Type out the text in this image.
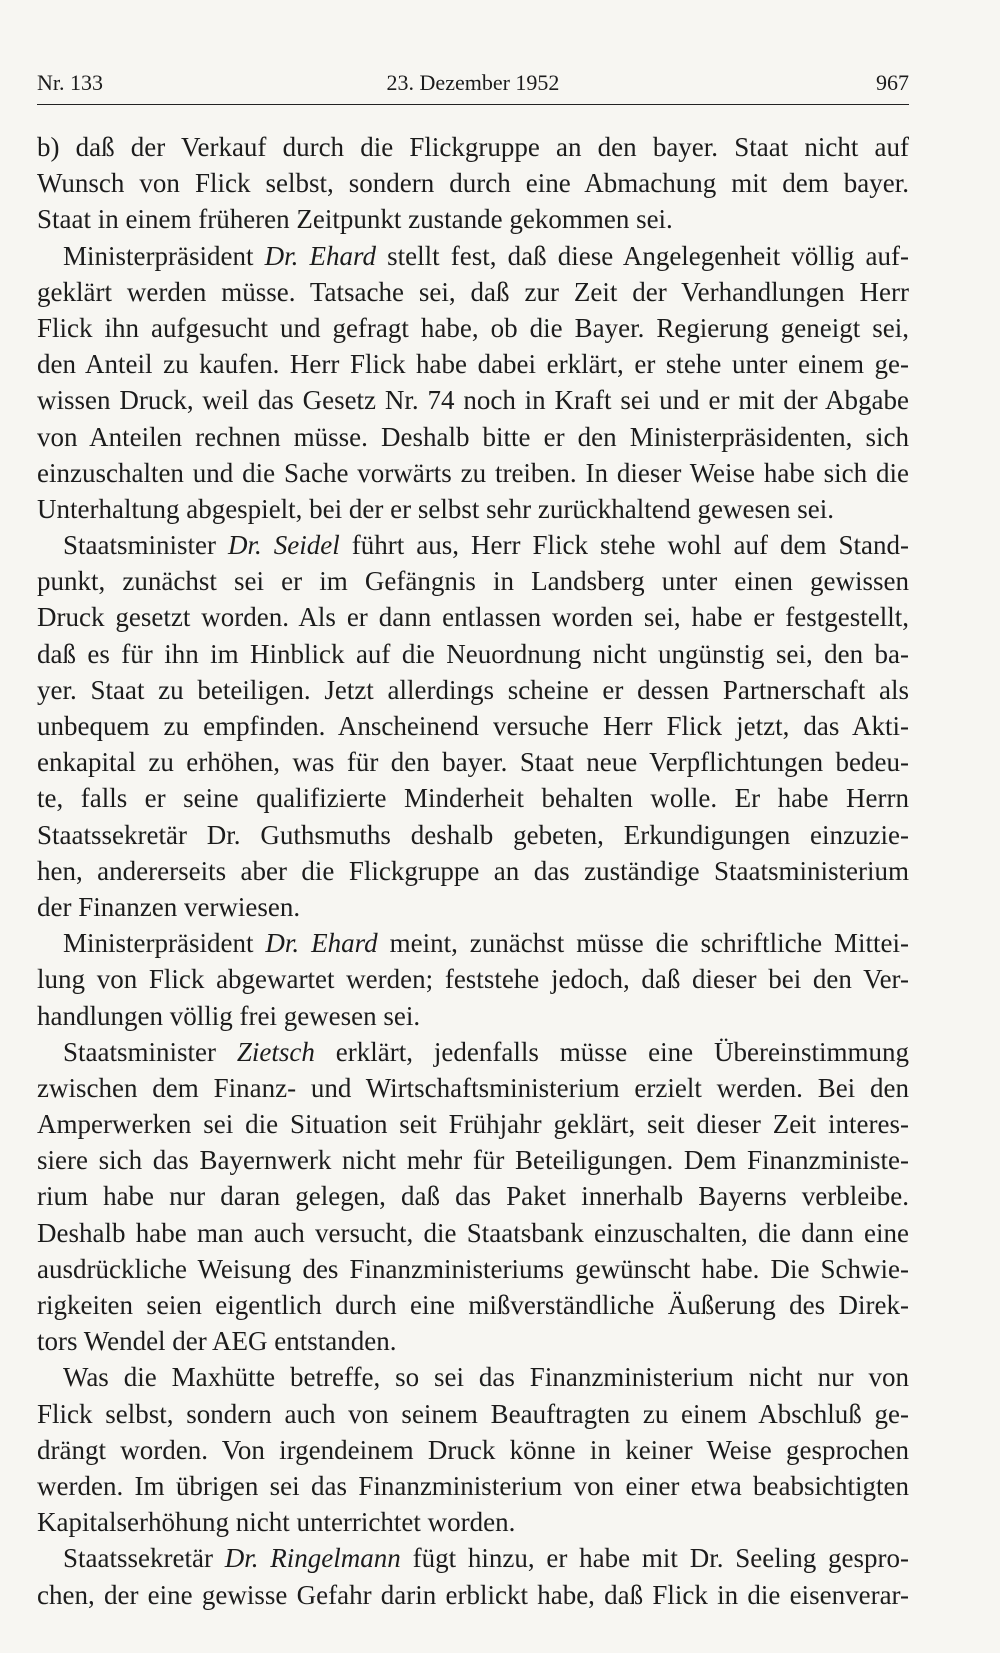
Nr. 133	23. Dezember 1952	967
b) daß der Verkauf durch die Flickgruppe an den bayer. Staat nicht auf
Wunsch von Flick selbst, sondern durch eine Abmachung mit dem bayer.
Staat in einem früheren Zeitpunkt zustande gekommen sei.
Ministerpräsident Dr. Ehard stellt fest, daß diese Angelegenheit völlig auf-
geklärt werden müsse. Tatsache sei, daß zur Zeit der Verhandlungen Herr
Flick ihn aufgesucht und gefragt habe, ob die Bayer. Regierung geneigt sei,
den Anteil zu kaufen. Herr Flick habe dabei erklärt, er stehe unter einem ge-
wissen Druck, weil das Gesetz Nr. 74 noch in Kraft sei und er mit der Abgabe
von Anteilen rechnen müsse. Deshalb bitte er den Ministerpräsidenten, sich
einzuschalten und die Sache vorwärts zu treiben. In dieser Weise habe sich die
Unterhaltung abgespielt, bei der er selbst sehr zurückhaltend gewesen sei.
Staatsminister Dr. Seidel führt aus, Herr Flick stehe wohl auf dem Stand-
punkt, zunächst sei er im Gefängnis in Landsberg unter einen gewissen
Druck gesetzt worden. Als er dann entlassen worden sei, habe er festgestellt,
daß es für ihn im Hinblick auf die Neuordnung nicht ungünstig sei, den ba-
yer. Staat zu beteiligen. Jetzt allerdings scheine er dessen Partnerschaft als
unbequem zu empfinden. Anscheinend versuche Herr Flick jetzt, das Akti-
enkapital zu erhöhen, was für den bayer. Staat neue Verpflichtungen bedeu-
te, falls er seine qualifizierte Minderheit behalten wolle. Er habe Herrn
Staatssekretär Dr. Guthsmuths deshalb gebeten, Erkundigungen einzuzie-
hen, andererseits aber die Flickgruppe an das zuständige Staatsministerium
der Finanzen verwiesen.
Ministerpräsident Dr. Ehard meint, zunächst müsse die schriftliche Mittei-
lung von Flick abgewartet werden; feststehe jedoch, daß dieser bei den Ver-
handlungen völlig frei gewesen sei.
Staatsminister Zietsch erklärt, jedenfalls müsse eine Übereinstimmung
zwischen dem Finanz- und Wirtschaftsministerium erzielt werden. Bei den
Amperwerken sei die Situation seit Frühjahr geklärt, seit dieser Zeit interes-
siere sich das Bayernwerk nicht mehr für Beteiligungen. Dem Finanzministe-
rium habe nur daran gelegen, daß das Paket innerhalb Bayerns verbleibe.
Deshalb habe man auch versucht, die Staatsbank einzuschalten, die dann eine
ausdrückliche Weisung des Finanzministeriums gewünscht habe. Die Schwie-
rigkeiten seien eigentlich durch eine mißverständliche Äußerung des Direk-
tors Wendel der AEG entstanden.
Was die Maxhütte betreffe, so sei das Finanzministerium nicht nur von
Flick selbst, sondern auch von seinem Beauftragten zu einem Abschluß ge-
drängt worden. Von irgendeinem Druck könne in keiner Weise gesprochen
werden. Im übrigen sei das Finanzministerium von einer etwa beabsichtigten
Kapitalserhöhung nicht unterrichtet worden.
Staatssekretär Dr. Ringelmann fügt hinzu, er habe mit Dr. Seeling gespro-
chen, der eine gewisse Gefahr darin erblickt habe, daß Flick in die eisenverar-
